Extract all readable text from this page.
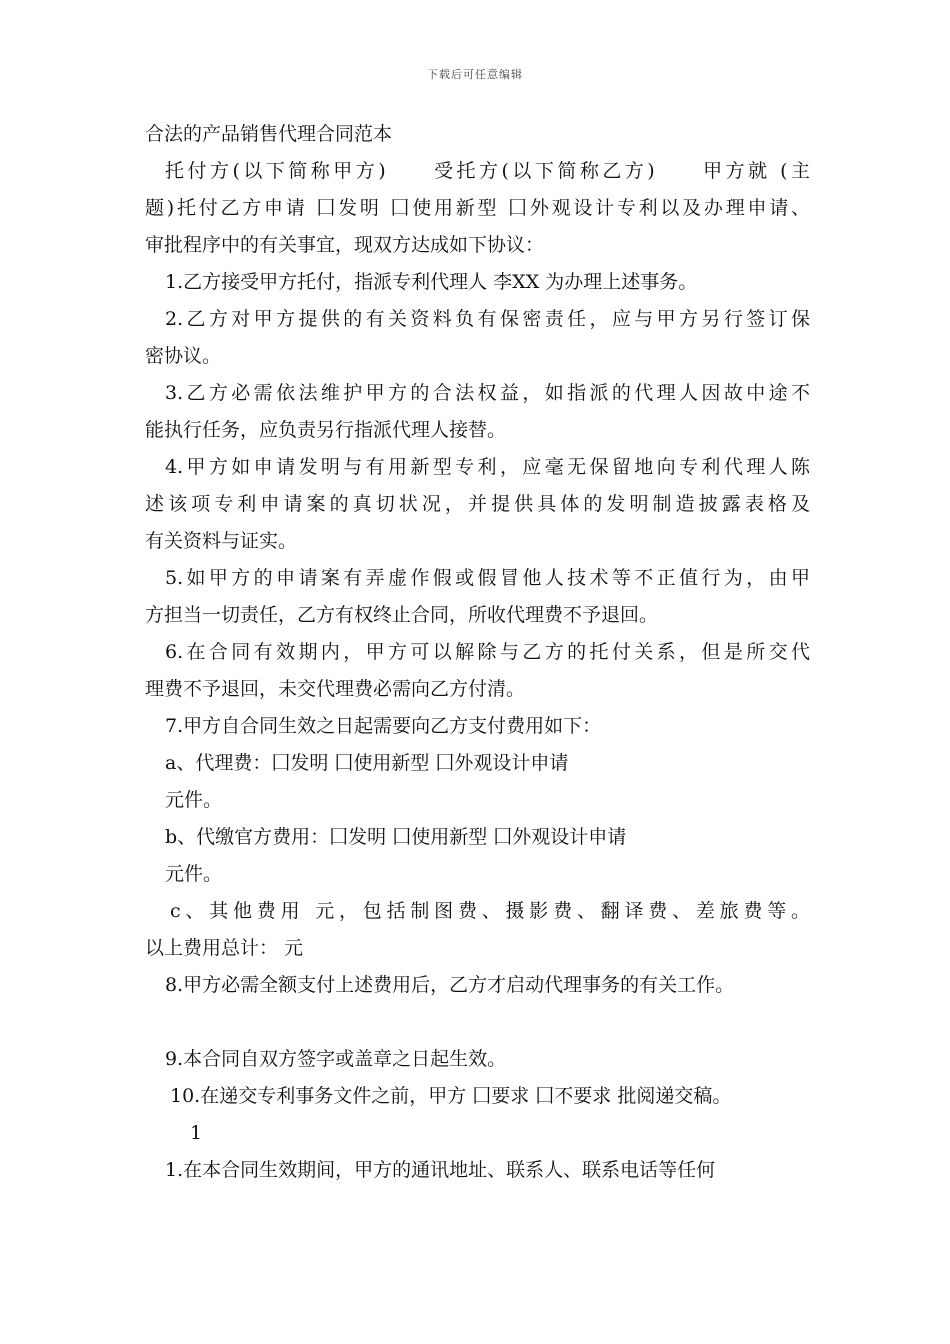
下载后可任意编辑
合法的产品销售代理合同范本
托付方(以下简称甲方)　　受托方(以下简称乙方)　　甲方就 (主
题)托付乙方申请 囗发明 囗使用新型 囗外观设计专利以及办理申请、
审批程序中的有关事宜，现双方达成如下协议：
1.乙方接受甲方托付，指派专利代理人 李XX 为办理上述事务。
2.乙方对甲方提供的有关资料负有保密责任，应与甲方另行签订保
密协议。
3.乙方必需依法维护甲方的合法权益，如指派的代理人因故中途不
能执行任务，应负责另行指派代理人接替。
4.甲方如申请发明与有用新型专利，应毫无保留地向专利代理人陈
述该项专利申请案的真切状况，并提供具体的发明制造披露表格及
有关资料与证实。
5.如甲方的申请案有弄虚作假或假冒他人技术等不正值行为，由甲
方担当一切责任，乙方有权终止合同，所收代理费不予退回。
6.在合同有效期内，甲方可以解除与乙方的托付关系，但是所交代
理费不予退回，未交代理费必需向乙方付清。
7.甲方自合同生效之日起需要向乙方支付费用如下：
a、代理费：囗发明 囗使用新型 囗外观设计申请
元件。
b、代缴官方费用：囗发明 囗使用新型 囗外观设计申请
元件。
c、其他费用 元，包括制图费、摄影费、翻译费、差旅费等。
以上费用总计： 元
8.甲方必需全额支付上述费用后，乙方才启动代理事务的有关工作。
9.本合同自双方签字或盖章之日起生效。
10.在递交专利事务文件之前，甲方 囗要求 囗不要求 批阅递交稿。
1
1.在本合同生效期间，甲方的通讯地址、联系人、联系电话等任何
